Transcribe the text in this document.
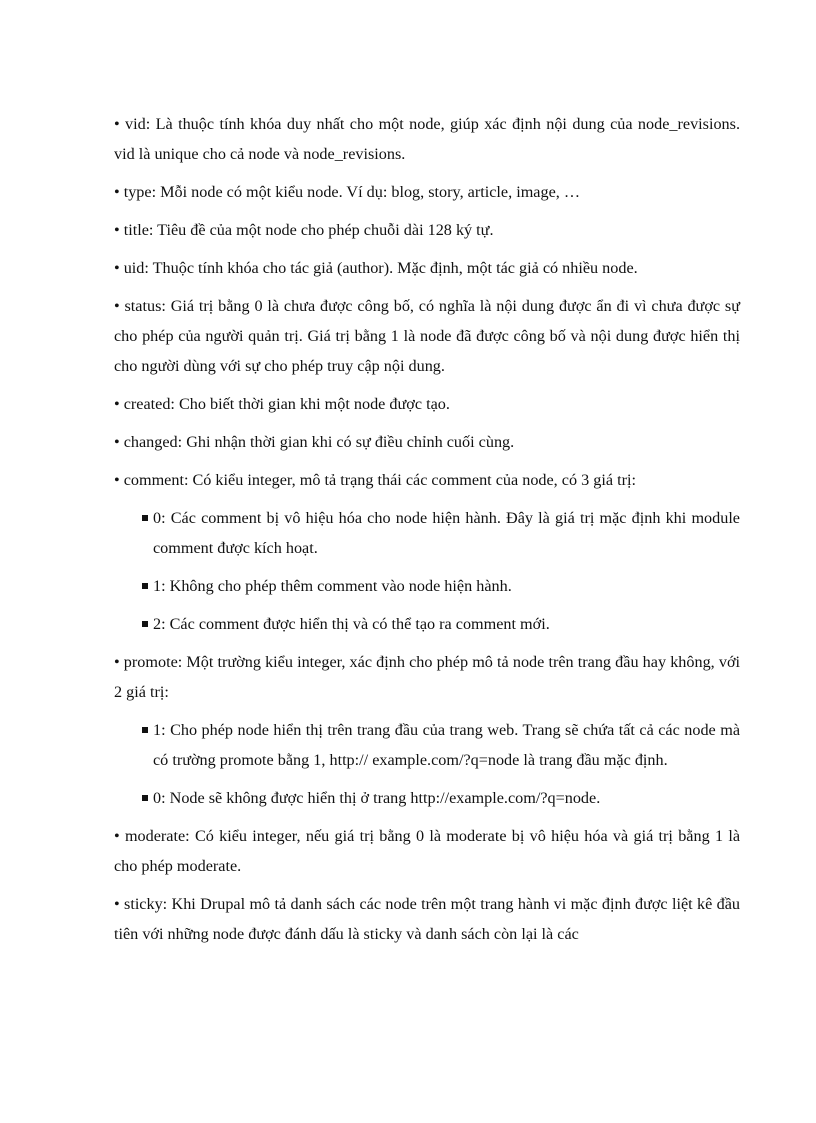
• vid: Là thuộc tính khóa duy nhất cho một node, giúp xác định nội dung của node_revisions. vid là unique cho cả node và node_revisions.

• type: Mỗi node có một kiểu node. Ví dụ: blog, story, article, image, …

• title: Tiêu đề của một node cho phép chuỗi dài 128 ký tự.

• uid: Thuộc tính khóa cho tác giả (author). Mặc định, một tác giả có nhiều node.

• status: Giá trị bằng 0 là chưa được công bố, có nghĩa là nội dung được ẩn đi vì chưa được sự cho phép của người quản trị. Giá trị bằng 1 là node đã được công bố và nội dung được hiển thị cho người dùng với sự cho phép truy cập nội dung.

• created: Cho biết thời gian khi một node được tạo.

• changed: Ghi nhận thời gian khi có sự điều chỉnh cuối cùng.

• comment: Có kiểu integer, mô tả trạng thái các comment của node, có 3 giá trị:

0: Các comment bị vô hiệu hóa cho node hiện hành. Đây là giá trị mặc định khi module comment được kích hoạt.
1: Không cho phép thêm comment vào node hiện hành.
2: Các comment được hiển thị và có thể tạo ra comment mới.

• promote: Một trường kiểu integer, xác định cho phép mô tả node trên trang đầu hay không, với 2 giá trị:

1: Cho phép node hiển thị trên trang đầu của trang web. Trang sẽ chứa tất cả các node mà có trường promote bằng 1, http:// example.com/?q=node là trang đầu mặc định.
0: Node sẽ không được hiển thị ở trang http://example.com/?q=node.

• moderate: Có kiểu integer, nếu giá trị bằng 0 là moderate bị vô hiệu hóa và giá trị bằng 1 là cho phép moderate.

• sticky: Khi Drupal mô tả danh sách các node trên một trang hành vi mặc định được liệt kê đầu tiên với những node được đánh dấu là sticky và danh sách còn lại là các
